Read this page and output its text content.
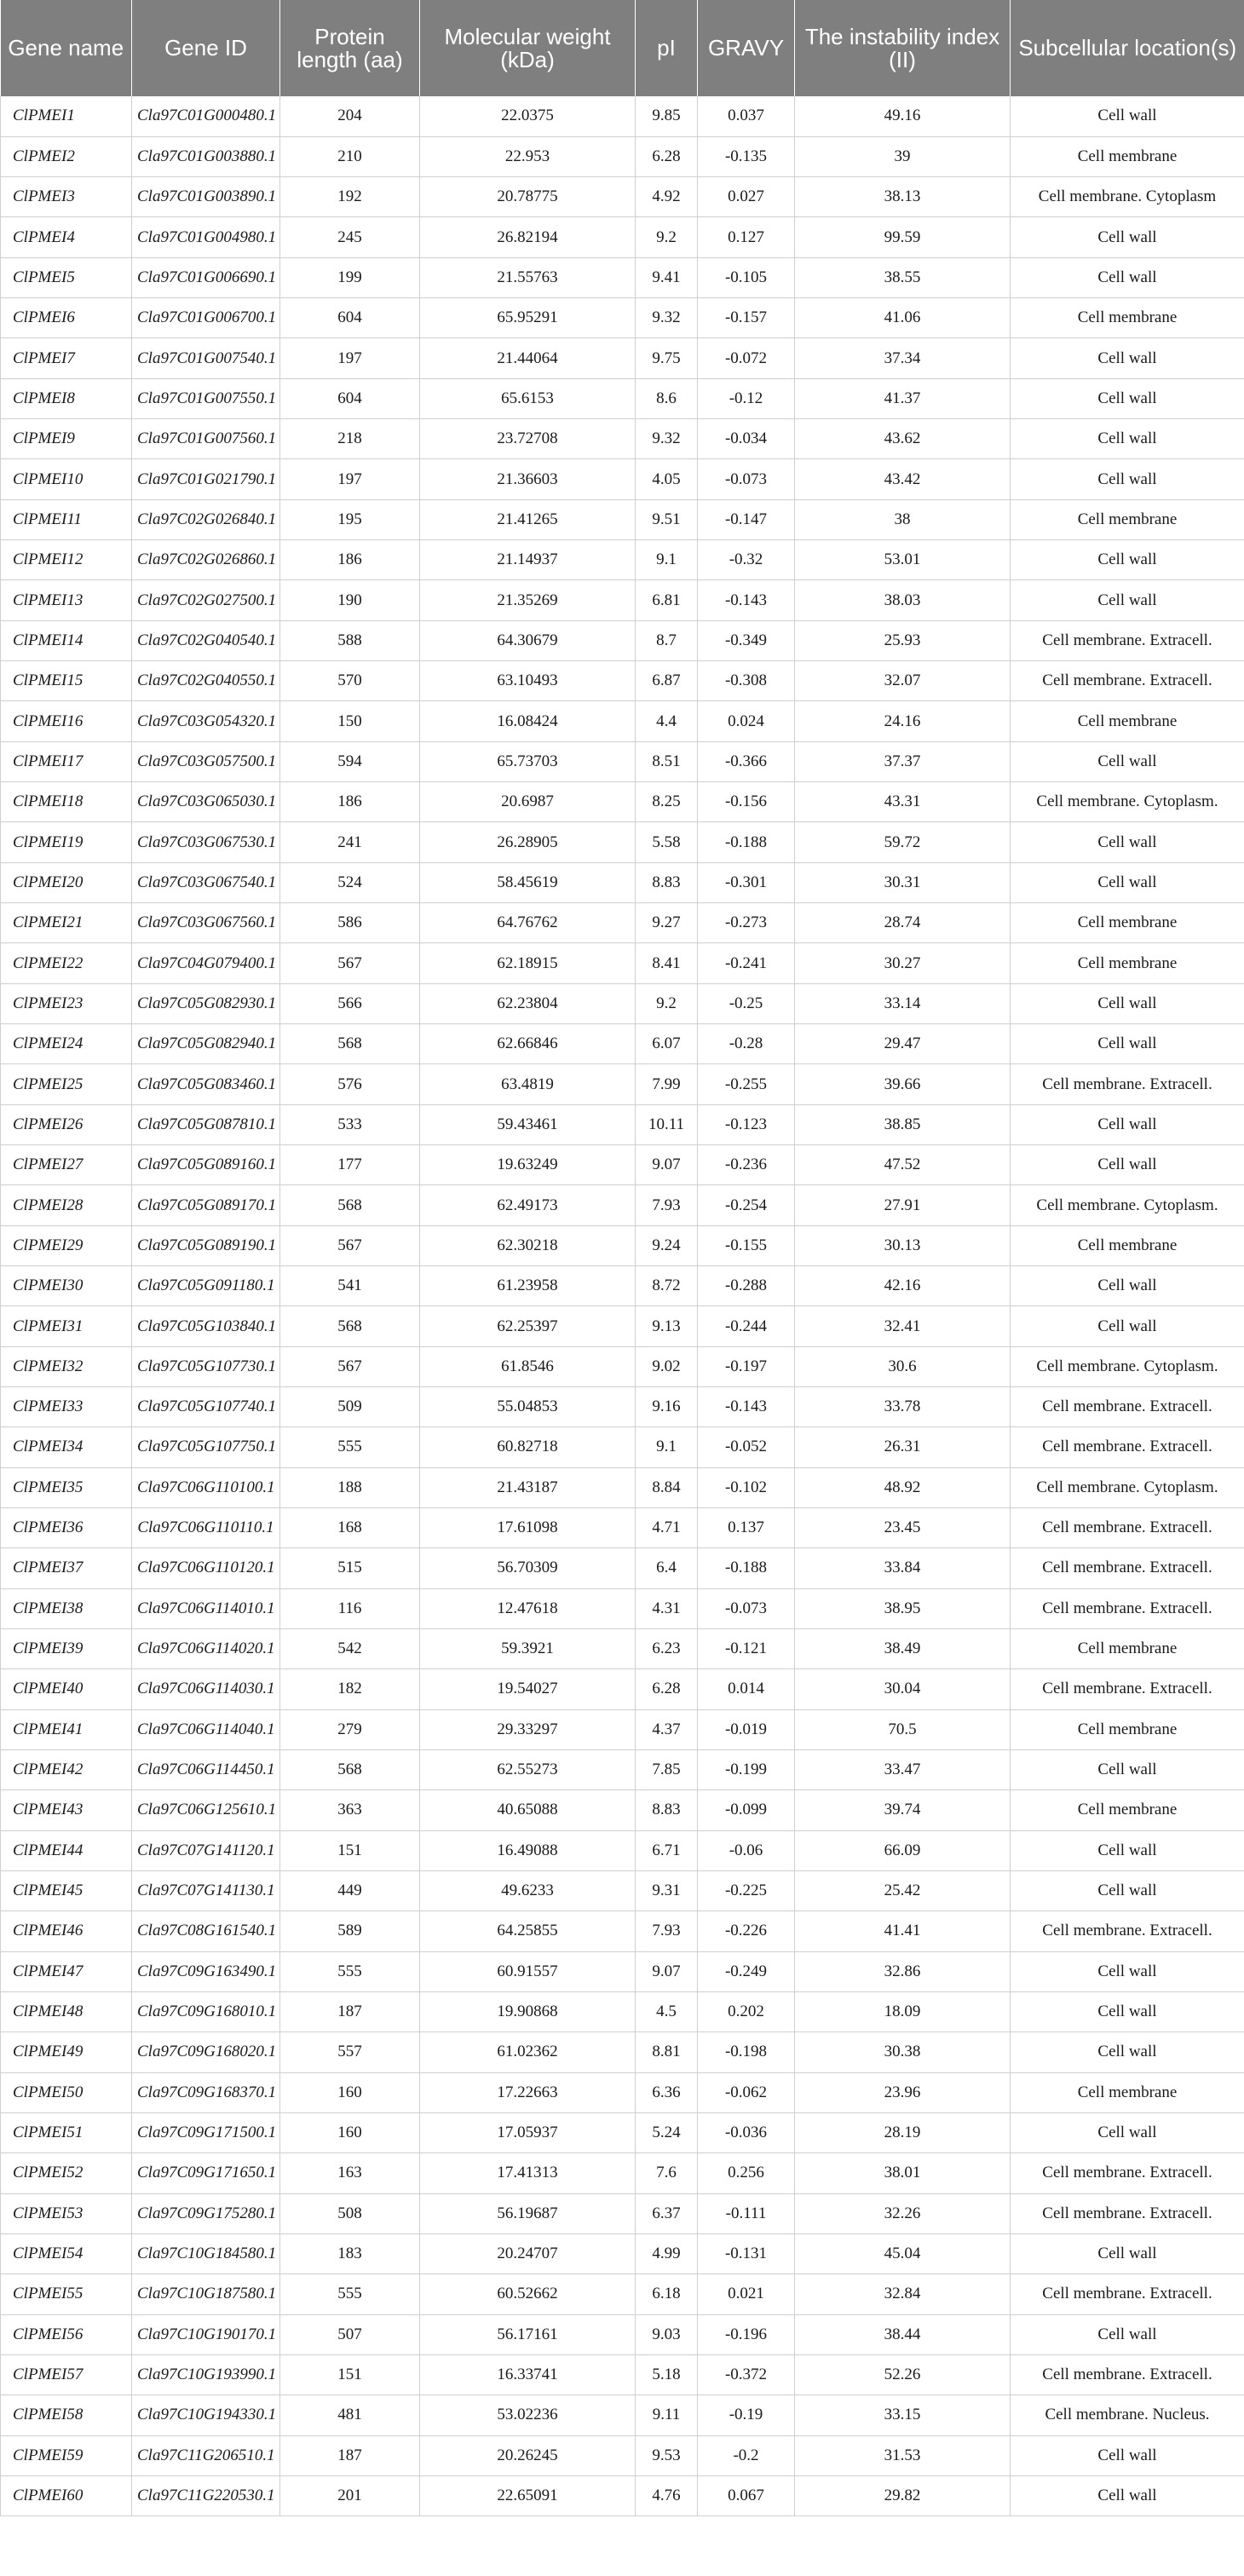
Gene name	Gene ID	Protein length (aa)	Molecular weight (kDa)	pI	GRAVY	The instability index (II)	Subcellular location(s)
ClPMEI1	Cla97C01G000480.1	204	22.0375	9.85	0.037	49.16	Cell wall
ClPMEI2	Cla97C01G003880.1	210	22.953	6.28	-0.135	39	Cell membrane
ClPMEI3	Cla97C01G003890.1	192	20.78775	4.92	0.027	38.13	Cell membrane. Cytoplasm
ClPMEI4	Cla97C01G004980.1	245	26.82194	9.2	0.127	99.59	Cell wall
ClPMEI5	Cla97C01G006690.1	199	21.55763	9.41	-0.105	38.55	Cell wall
ClPMEI6	Cla97C01G006700.1	604	65.95291	9.32	-0.157	41.06	Cell membrane
ClPMEI7	Cla97C01G007540.1	197	21.44064	9.75	-0.072	37.34	Cell wall
ClPMEI8	Cla97C01G007550.1	604	65.6153	8.6	-0.12	41.37	Cell wall
ClPMEI9	Cla97C01G007560.1	218	23.72708	9.32	-0.034	43.62	Cell wall
ClPMEI10	Cla97C01G021790.1	197	21.36603	4.05	-0.073	43.42	Cell wall
ClPMEI11	Cla97C02G026840.1	195	21.41265	9.51	-0.147	38	Cell membrane
ClPMEI12	Cla97C02G026860.1	186	21.14937	9.1	-0.32	53.01	Cell wall
ClPMEI13	Cla97C02G027500.1	190	21.35269	6.81	-0.143	38.03	Cell wall
ClPMEI14	Cla97C02G040540.1	588	64.30679	8.7	-0.349	25.93	Cell membrane. Extracell.
ClPMEI15	Cla97C02G040550.1	570	63.10493	6.87	-0.308	32.07	Cell membrane. Extracell.
ClPMEI16	Cla97C03G054320.1	150	16.08424	4.4	0.024	24.16	Cell membrane
ClPMEI17	Cla97C03G057500.1	594	65.73703	8.51	-0.366	37.37	Cell wall
ClPMEI18	Cla97C03G065030.1	186	20.6987	8.25	-0.156	43.31	Cell membrane. Cytoplasm.
ClPMEI19	Cla97C03G067530.1	241	26.28905	5.58	-0.188	59.72	Cell wall
ClPMEI20	Cla97C03G067540.1	524	58.45619	8.83	-0.301	30.31	Cell wall
ClPMEI21	Cla97C03G067560.1	586	64.76762	9.27	-0.273	28.74	Cell membrane
ClPMEI22	Cla97C04G079400.1	567	62.18915	8.41	-0.241	30.27	Cell membrane
ClPMEI23	Cla97C05G082930.1	566	62.23804	9.2	-0.25	33.14	Cell wall
ClPMEI24	Cla97C05G082940.1	568	62.66846	6.07	-0.28	29.47	Cell wall
ClPMEI25	Cla97C05G083460.1	576	63.4819	7.99	-0.255	39.66	Cell membrane. Extracell.
ClPMEI26	Cla97C05G087810.1	533	59.43461	10.11	-0.123	38.85	Cell wall
ClPMEI27	Cla97C05G089160.1	177	19.63249	9.07	-0.236	47.52	Cell wall
ClPMEI28	Cla97C05G089170.1	568	62.49173	7.93	-0.254	27.91	Cell membrane. Cytoplasm.
ClPMEI29	Cla97C05G089190.1	567	62.30218	9.24	-0.155	30.13	Cell membrane
ClPMEI30	Cla97C05G091180.1	541	61.23958	8.72	-0.288	42.16	Cell wall
ClPMEI31	Cla97C05G103840.1	568	62.25397	9.13	-0.244	32.41	Cell wall
ClPMEI32	Cla97C05G107730.1	567	61.8546	9.02	-0.197	30.6	Cell membrane. Cytoplasm.
ClPMEI33	Cla97C05G107740.1	509	55.04853	9.16	-0.143	33.78	Cell membrane. Extracell.
ClPMEI34	Cla97C05G107750.1	555	60.82718	9.1	-0.052	26.31	Cell membrane. Extracell.
ClPMEI35	Cla97C06G110100.1	188	21.43187	8.84	-0.102	48.92	Cell membrane. Cytoplasm.
ClPMEI36	Cla97C06G110110.1	168	17.61098	4.71	0.137	23.45	Cell membrane. Extracell.
ClPMEI37	Cla97C06G110120.1	515	56.70309	6.4	-0.188	33.84	Cell membrane. Extracell.
ClPMEI38	Cla97C06G114010.1	116	12.47618	4.31	-0.073	38.95	Cell membrane. Extracell.
ClPMEI39	Cla97C06G114020.1	542	59.3921	6.23	-0.121	38.49	Cell membrane
ClPMEI40	Cla97C06G114030.1	182	19.54027	6.28	0.014	30.04	Cell membrane. Extracell.
ClPMEI41	Cla97C06G114040.1	279	29.33297	4.37	-0.019	70.5	Cell membrane
ClPMEI42	Cla97C06G114450.1	568	62.55273	7.85	-0.199	33.47	Cell wall
ClPMEI43	Cla97C06G125610.1	363	40.65088	8.83	-0.099	39.74	Cell membrane
ClPMEI44	Cla97C07G141120.1	151	16.49088	6.71	-0.06	66.09	Cell wall
ClPMEI45	Cla97C07G141130.1	449	49.6233	9.31	-0.225	25.42	Cell wall
ClPMEI46	Cla97C08G161540.1	589	64.25855	7.93	-0.226	41.41	Cell membrane. Extracell.
ClPMEI47	Cla97C09G163490.1	555	60.91557	9.07	-0.249	32.86	Cell wall
ClPMEI48	Cla97C09G168010.1	187	19.90868	4.5	0.202	18.09	Cell wall
ClPMEI49	Cla97C09G168020.1	557	61.02362	8.81	-0.198	30.38	Cell wall
ClPMEI50	Cla97C09G168370.1	160	17.22663	6.36	-0.062	23.96	Cell membrane
ClPMEI51	Cla97C09G171500.1	160	17.05937	5.24	-0.036	28.19	Cell wall
ClPMEI52	Cla97C09G171650.1	163	17.41313	7.6	0.256	38.01	Cell membrane. Extracell.
ClPMEI53	Cla97C09G175280.1	508	56.19687	6.37	-0.111	32.26	Cell membrane. Extracell.
ClPMEI54	Cla97C10G184580.1	183	20.24707	4.99	-0.131	45.04	Cell wall
ClPMEI55	Cla97C10G187580.1	555	60.52662	6.18	0.021	32.84	Cell membrane. Extracell.
ClPMEI56	Cla97C10G190170.1	507	56.17161	9.03	-0.196	38.44	Cell wall
ClPMEI57	Cla97C10G193990.1	151	16.33741	5.18	-0.372	52.26	Cell membrane. Extracell.
ClPMEI58	Cla97C10G194330.1	481	53.02236	9.11	-0.19	33.15	Cell membrane. Nucleus.
ClPMEI59	Cla97C11G206510.1	187	20.26245	9.53	-0.2	31.53	Cell wall
ClPMEI60	Cla97C11G220530.1	201	22.65091	4.76	0.067	29.82	Cell wall
